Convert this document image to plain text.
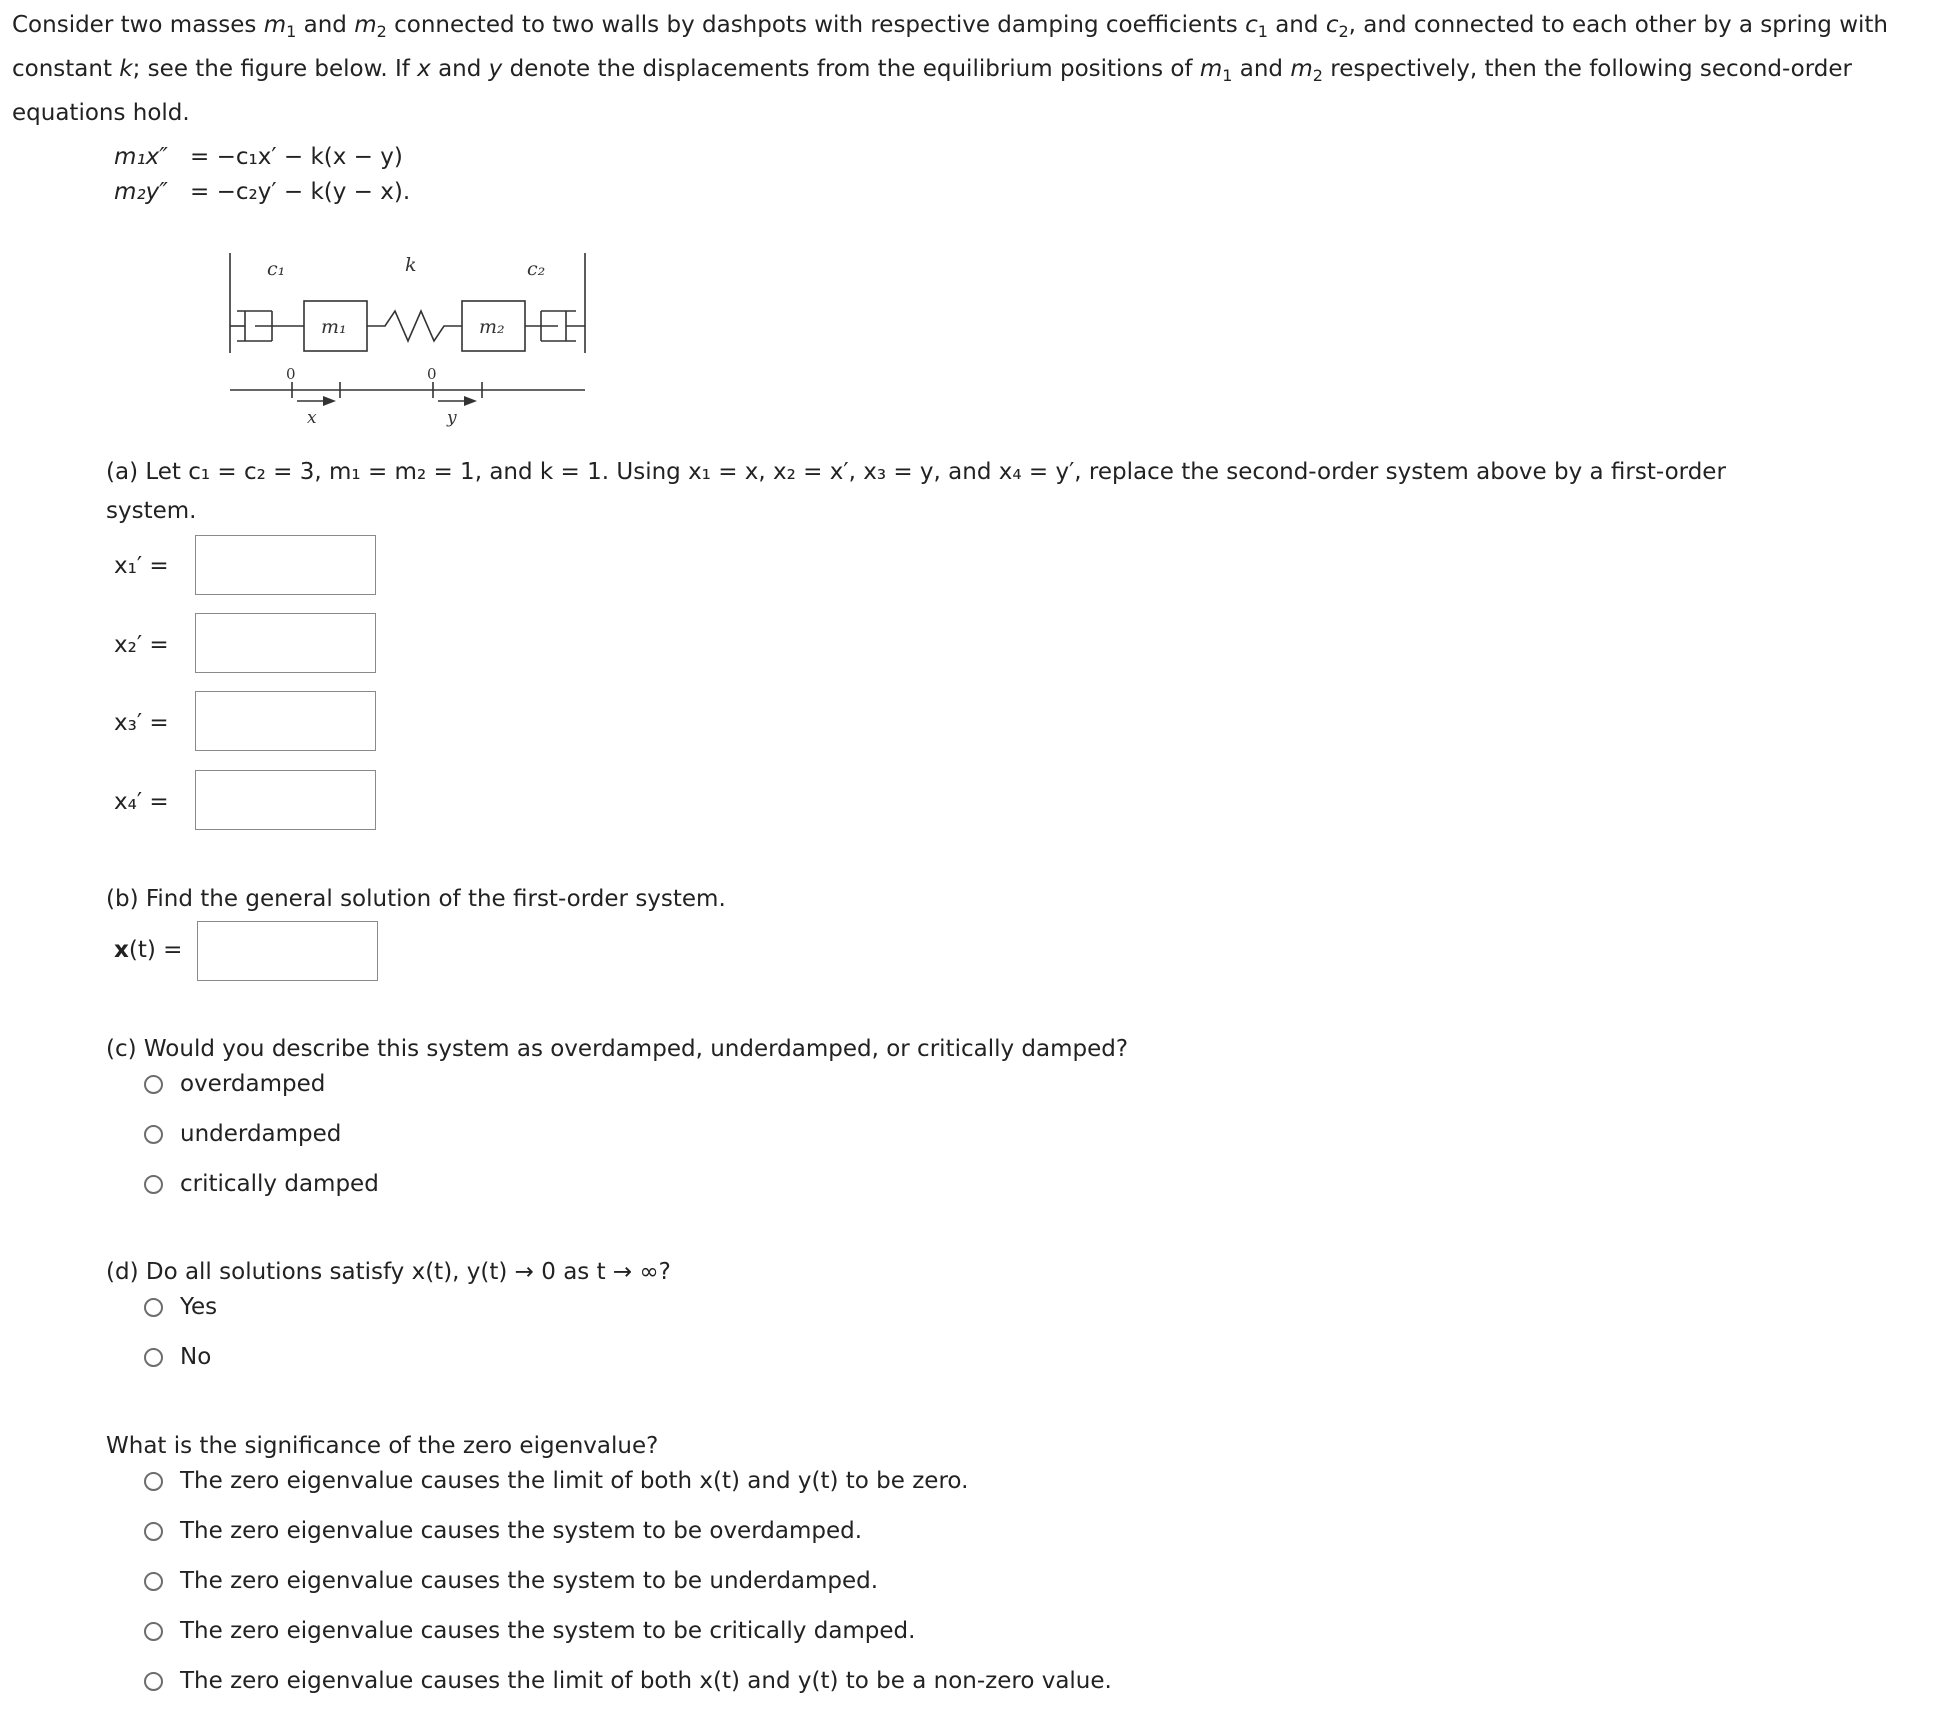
Consider two masses $m_1$ and $m_2$ connected to two walls by dashpots with respective damping coefficients $c_1$ and $c_2$, and connected to each other by a spring with
constant k; see the figure below. If x and y denote the displacements from the equilibrium positions of $m_1$ and $m_2$ respectively, then the following second-order
equations hold.
m₁x″ = −c₁x′ − k(x − y)
m₂y″ = −c₂y′ − k(y − x).
c₁	k	c₂
m₁	m₂
0	0
x	y
(a) Let c₁ = c₂ = 3, m₁ = m₂ = 1, and k = 1. Using x₁ = x, x₂ = x′, x₃ = y, and x₄ = y′, replace the second-order system above by a first-order
system.
x₁′ =
x₂′ =
x₃′ =
x₄′ =
(b) Find the general solution of the first-order system.
x(t) =
(c) Would you describe this system as overdamped, underdamped, or critically damped?
overdamped
underdamped
critically damped
(d) Do all solutions satisfy x(t), y(t) → 0 as t → ∞?
Yes
No
What is the significance of the zero eigenvalue?
The zero eigenvalue causes the limit of both x(t) and y(t) to be zero.
The zero eigenvalue causes the system to be overdamped.
The zero eigenvalue causes the system to be underdamped.
The zero eigenvalue causes the system to be critically damped.
The zero eigenvalue causes the limit of both x(t) and y(t) to be a non-zero value.
